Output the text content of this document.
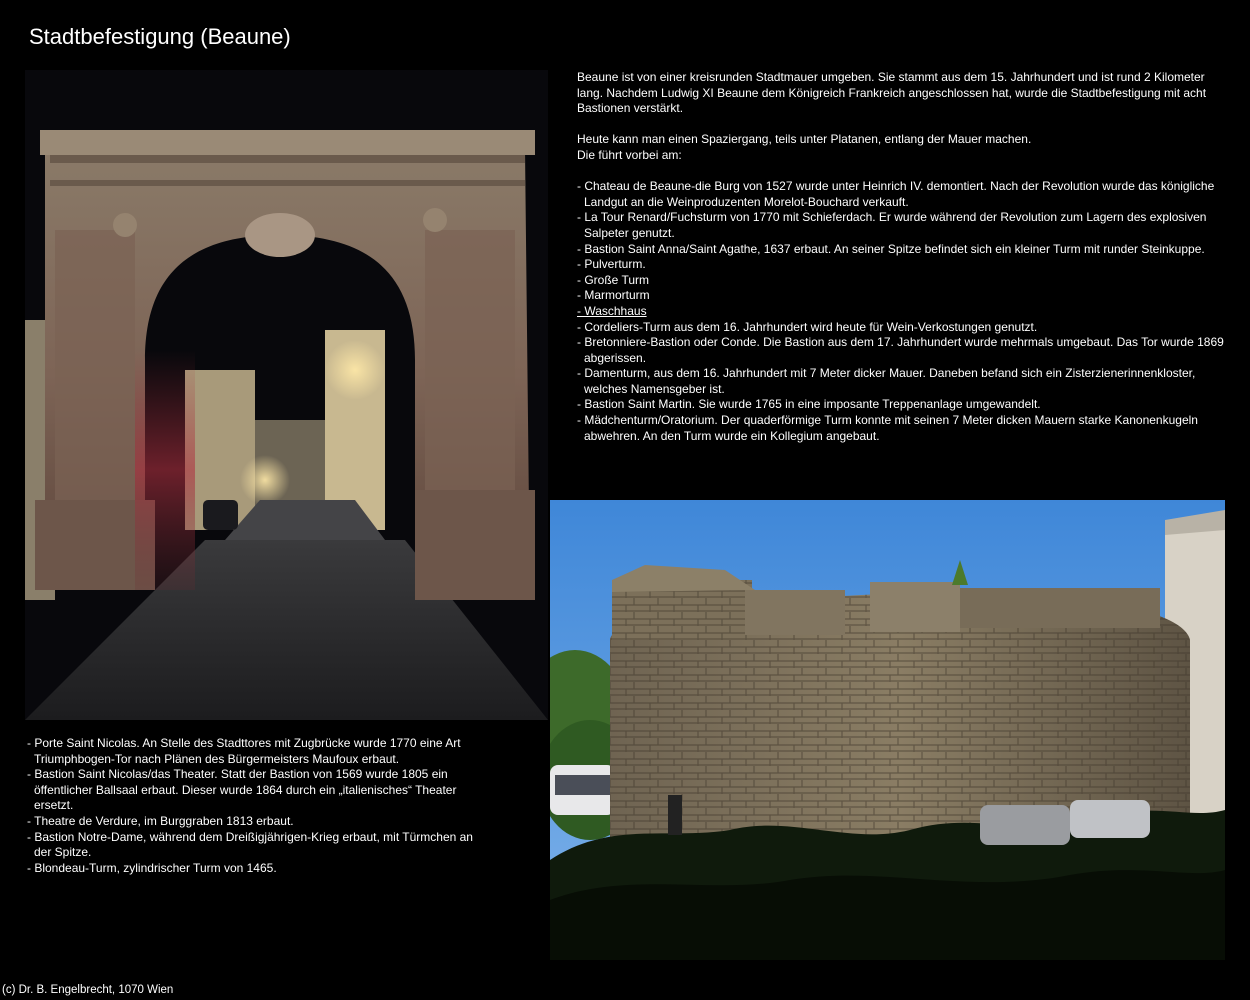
Stadtbefestigung (Beaune)

Beaune ist von einer kreisrunden Stadtmauer umgeben. Sie stammt aus dem 15. Jahrhundert und ist rund 2 Kilometer lang. Nachdem Ludwig XI Beaune dem Königreich Frankreich angeschlossen hat, wurde die Stadtbefestigung mit acht Bastionen verstärkt.

Heute kann man einen Spaziergang, teils unter Platanen, entlang der Mauer machen.
Die führt vorbei am:
- Chateau de Beaune-die Burg von 1527 wurde unter Heinrich IV. demontiert. Nach der Revolution wurde das königliche Landgut an die Weinproduzenten Morelot-Bouchard verkauft.
- La Tour Renard/Fuchsturm von 1770 mit Schieferdach. Er wurde während der Revolution zum Lagern des explosiven Salpeter genutzt.
- Bastion Saint Anna/Saint Agathe, 1637 erbaut. An seiner Spitze befindet sich ein kleiner Turm mit runder Steinkuppe.
- Pulverturm.
- Große Turm
- Marmorturm
- Waschhaus
- Cordeliers-Turm aus dem 16. Jahrhundert wird heute für Wein-Verkostungen genutzt.
- Bretonniere-Bastion oder Conde. Die Bastion aus dem 17. Jahrhundert wurde mehrmals umgebaut. Das Tor wurde 1869 abgerissen.
- Damenturm, aus dem 16. Jahrhundert mit 7 Meter dicker Mauer. Daneben befand sich ein Zisterzienerinnenkloster, welches Namensgeber ist.
- Bastion Saint Martin. Sie wurde 1765 in eine imposante Treppenanlage umgewandelt.
- Mädchenturm/Oratorium. Der quaderförmige Turm konnte mit seinen 7 Meter dicken Mauern starke Kanonenkugeln abwehren. An den Turm wurde ein Kollegium angebaut.
- Porte Saint Nicolas. An Stelle des Stadttores mit Zugbrücke wurde 1770 eine Art Triumphbogen-Tor nach Plänen des Bürgermeisters Maufoux erbaut.
- Bastion Saint Nicolas/das Theater. Statt der Bastion von 1569 wurde 1805 ein öffentlicher Ballsaal erbaut. Dieser wurde 1864 durch ein „italienisches“ Theater ersetzt.
- Theatre de Verdure, im Burggraben 1813 erbaut.
- Bastion Notre-Dame, während dem Dreißigjährigen-Krieg erbaut, mit Türmchen an der Spitze.
- Blondeau-Turm, zylindrischer Turm von 1465.
(c) Dr. B. Engelbrecht, 1070 Wien
